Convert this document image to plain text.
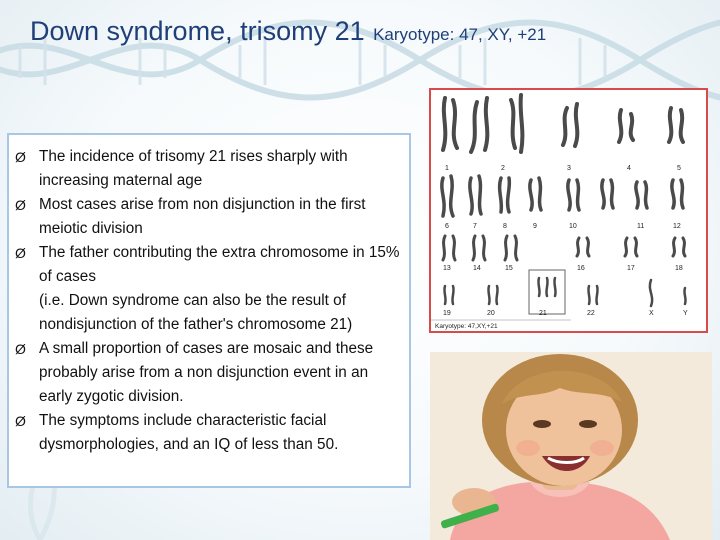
Down syndrome, trisomy 21 Karyotype: 47, XY, +21
Ø The incidence of trisomy 21 rises sharply with increasing maternal age
Ø Most cases arise from non disjunction in the first meiotic division
Ø The father contributing the extra chromosome in 15% of cases
(i.e. Down syndrome can also be the result of nondisjunction of the father's chromosome 21)
Ø A small proportion of cases are mosaic and these probably arise from a non disjunction event in an early zygotic division.
Ø The symptoms include characteristic facial dysmorphologies, and an IQ of less than 50.
1	2	3	4	5
6	7	8	9	10	11	12
13	14	15	16	17	18
19	20	21	22	X	Y
Karyotype: 47,XY,+21
